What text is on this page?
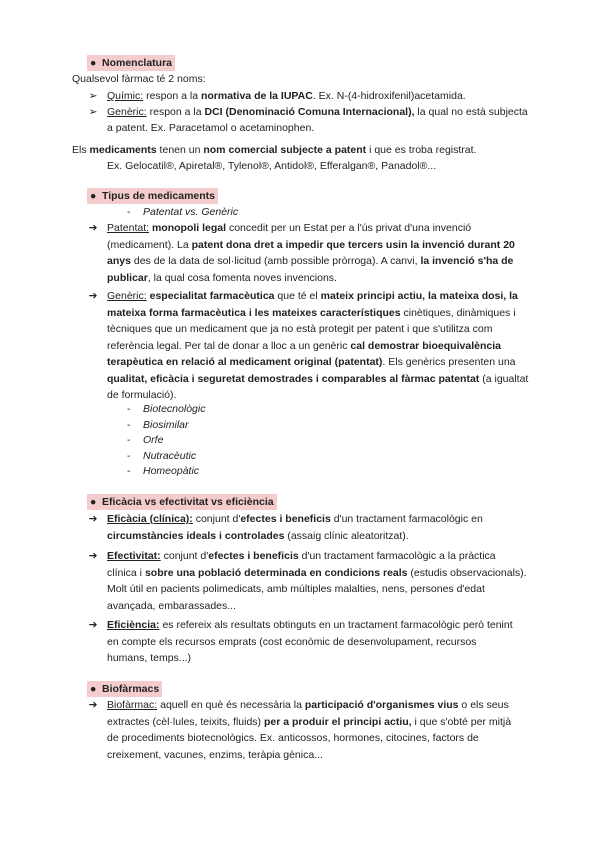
● Nomenclatura
Qualsevol fàrmac té 2 noms:
➢ Químic: respon a la normativa de la IUPAC. Ex. N-(4-hidroxifenil)acetamida.
➢ Genèric: respon a la DCI (Denominació Comuna Internacional), la qual no està subjecta
a patent. Ex. Paracetamol o acetaminophen.
Els medicaments tenen un nom comercial subjecte a patent i que es troba registrat.
Ex. Gelocatil®, Apiretal®, Tylenol®, Antidol®, Efferalgan®, Panadol®...
● Tipus de medicaments
-	Patentat vs. Genèric
➔ Patentat: monopoli legal concedit per un Estat per a l'ús privat d'una invenció
(medicament). La patent dona dret a impedir que tercers usin la invenció durant 20
anys des de la data de sol·licitud (amb possible pròrroga). A canvi, la invenció s'ha de
publicar, la qual cosa fomenta noves invencions.
➔ Genèric: especialitat farmacèutica que té el mateix principi actiu, la mateixa dosi, la
mateixa forma farmacèutica i les mateixes característiques cinètiques, dinàmiques i
tècniques que un medicament que ja no està protegit per patent i que s'utilitza com
referència legal. Per tal de donar a lloc a un genèric cal demostrar bioequivalència
terapèutica en relació al medicament original (patentat). Els genèrics presenten una
qualitat, eficàcia i seguretat demostrades i comparables al fàrmac patentat (a igualtat
de formulació).
-	Biotecnològic
-	Biosimilar
-	Orfe
-	Nutracèutic
-	Homeopàtic
● Eficàcia vs efectivitat vs eficiència
➔ Eficàcia (clínica): conjunt d'efectes i beneficis d'un tractament farmacològic en
circumstàncies ideals i controlades (assaig clínic aleatoritzat).
➔ Efectivitat: conjunt d'efectes i beneficis d'un tractament farmacològic a la pràctica
clínica i sobre una població determinada en condicions reals (estudis observacionals).
Molt útil en pacients polimedicats, amb múltiples malalties, nens, persones d'edat
avançada, embarassades...
➔ Eficiència: es refereix als resultats obtinguts en un tractament farmacològic però tenint
en compte els recursos emprats (cost econòmic de desenvolupament, recursos
humans, temps...)
● Biofàrmacs
➔ Biofàrmac: aquell en què és necessària la participació d'organismes vius o els seus
extractes (cèl·lules, teixits, fluids) per a produir el principi actiu, i que s'obté per mitjà
de procediments biotecnològics. Ex. anticossos, hormones, citocines, factors de
creixement, vacunes, enzims, teràpia gènica...
